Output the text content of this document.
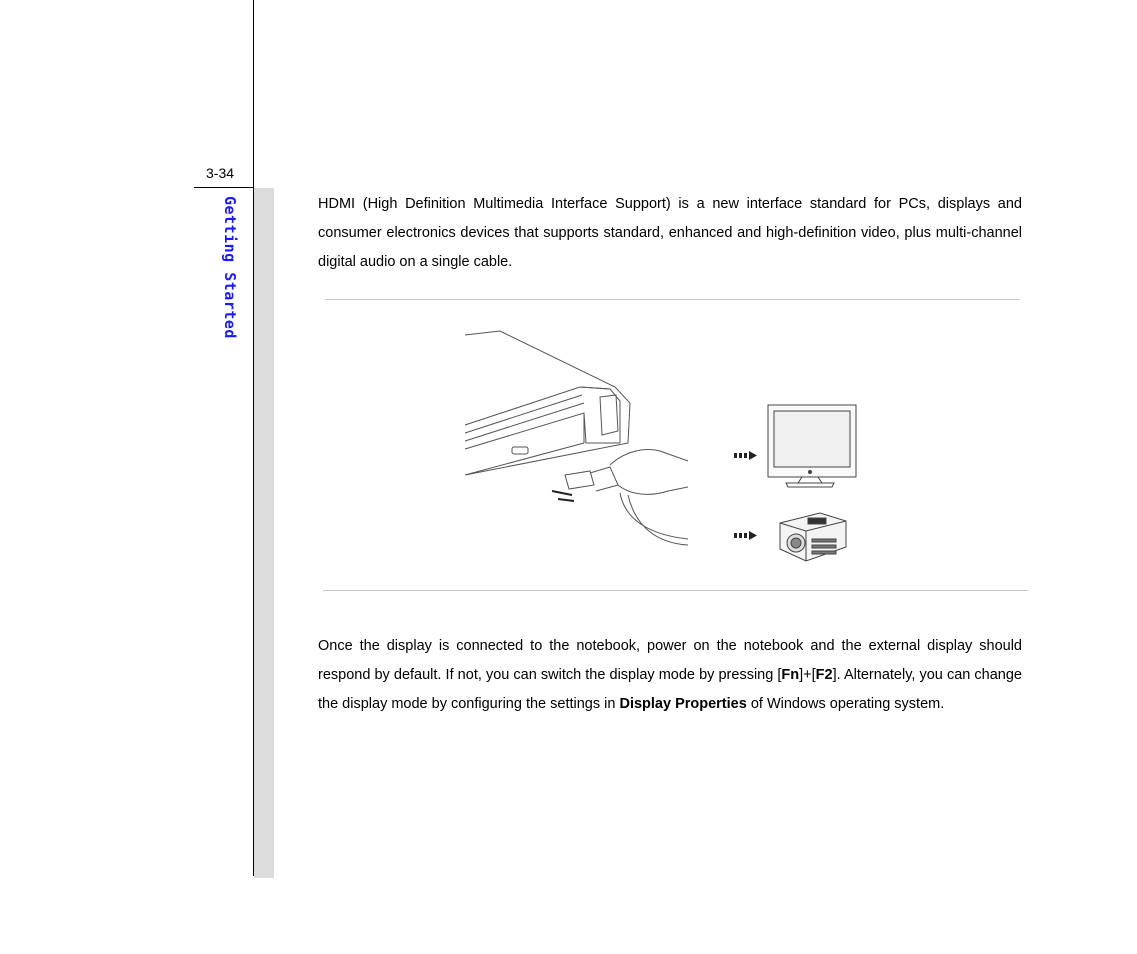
3-34
Getting Started	HDMI (High Definition Multimedia Interface Support) is a new interface standard for PCs, displays and consumer electronics devices that supports standard, enhanced and high-definition video, plus multi-channel digital audio on a single cable.
Once the display is connected to the notebook, power on the notebook and the external display should respond by default. If not, you can switch the display mode by pressing [Fn]+[F2]. Alternately, you can change the display mode by configuring the settings in Display Properties of Windows operating system.
